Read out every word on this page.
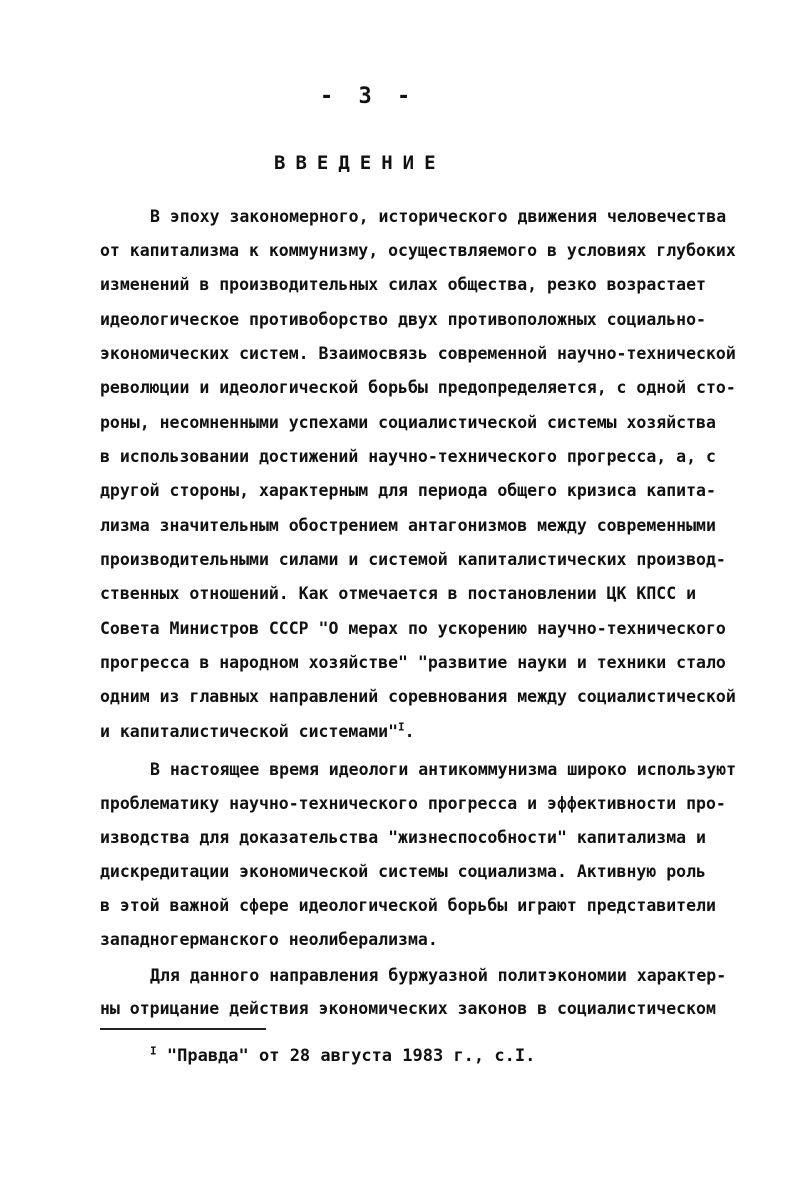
- 3 -
ВВЕДЕНИЕ
В эпоху закономерного, исторического движения человечества
от капитализма к коммунизму, осуществляемого в условиях глубоких
изменений в производительных силах общества, резко возрастает
идеологическое противоборство двух противоположных социально-
экономических систем. Взаимосвязь современной научно-технической
революции и идеологической борьбы предопределяется, с одной сто-
роны, несомненными успехами социалистической системы хозяйства
в использовании достижений научно-технического прогресса, а, с
другой стороны, характерным для периода общего кризиса капита-
лизма значительным обострением антагонизмов между современными
производительными силами и системой капиталистических производ-
ственных отношений. Как отмечается в постановлении ЦК КПСС и
Совета Министров СССР "О мерах по ускорению научно-технического
прогресса в народном хозяйстве" "развитие науки и техники стало
одним из главных направлений соревнования между социалистической
и капиталистической системами"$^I$.
В настоящее время идеологи антикоммунизма широко используют
проблематику научно-технического прогресса и эффективности про-
изводства для доказательства "жизнеспособности" капитализма и
дискредитации экономической системы социализма. Активную роль
в этой важной сфере идеологической борьбы играют представители
западногерманского неолиберализма.
Для данного направления буржуазной политэкономии характер-
ны отрицание действия экономических законов в социалистическом
$^I$ "Правда" от 28 августа 1983 г., с.I.
